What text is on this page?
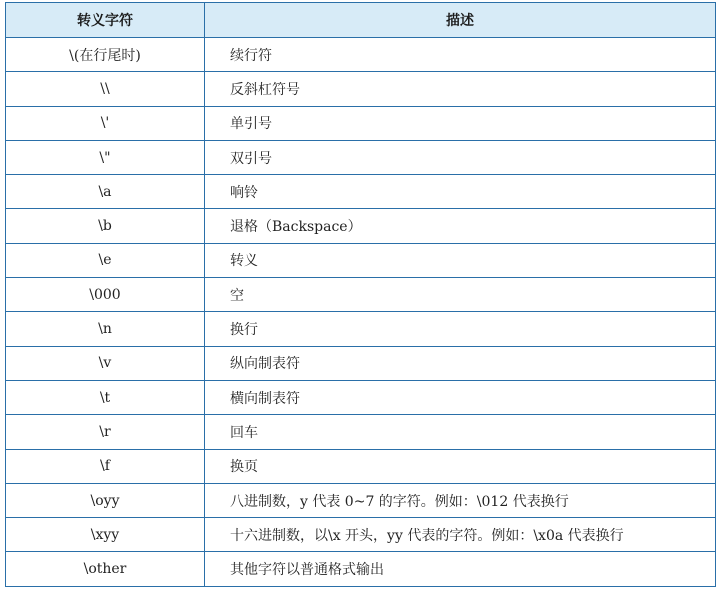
转义字符	描述
\(在行尾时)	续行符
\\	反斜杠符号
\'	单引号
\"	双引号
\a	响铃
\b	退格（Backspace）
\e	转义
\000	空
\n	换行
\v	纵向制表符
\t	横向制表符
\r	回车
\f	换页
\oyy	八进制数，y 代表 0~7 的字符。例如：\012 代表换行
\xyy	十六进制数，以\x 开头，yy 代表的字符。例如：\x0a 代表换行
\other	其他字符以普通格式输出
